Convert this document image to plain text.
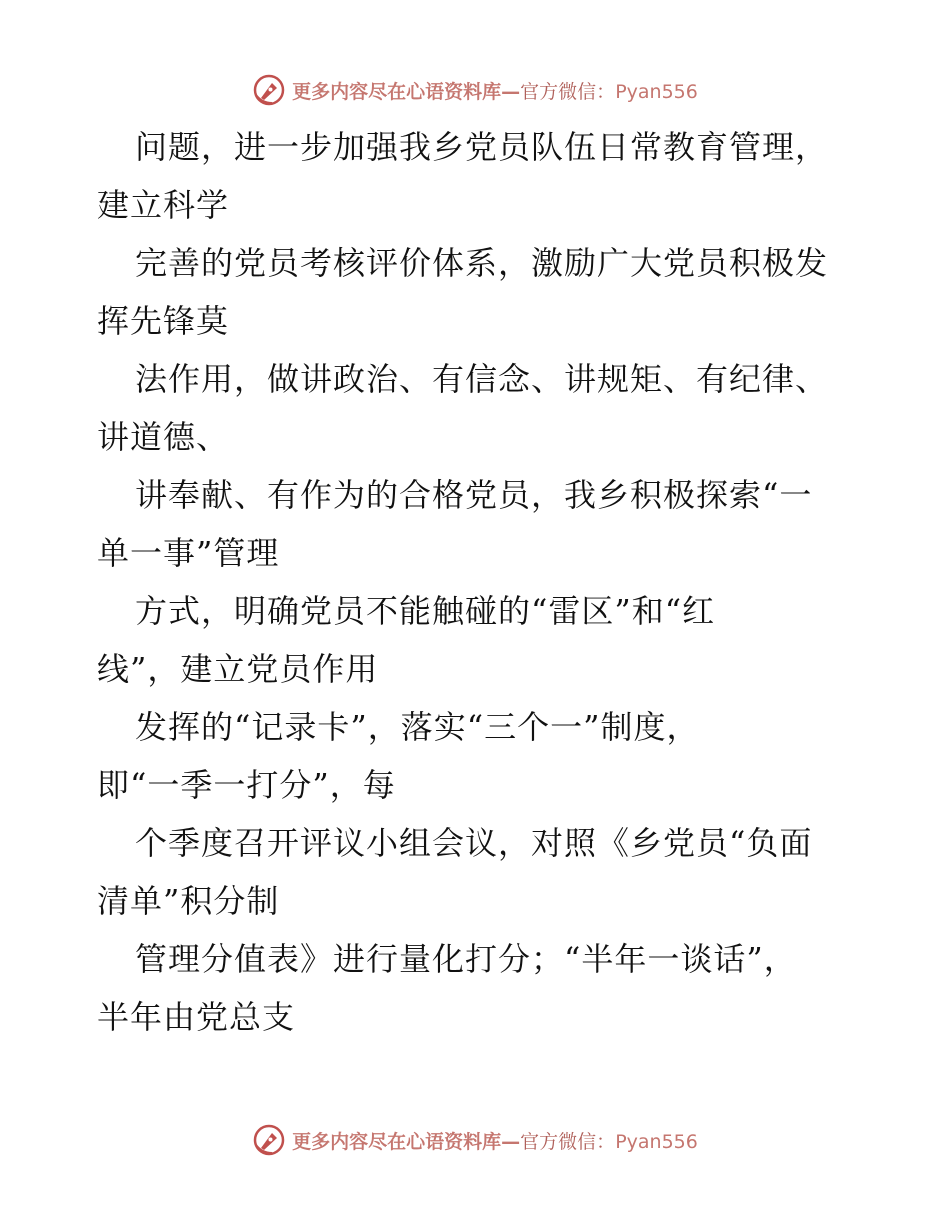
更多内容尽在心语资料库—官方微信：Pyan556
问题，进一步加强我乡党员队伍日常教育管理，
建立科学
完善的党员考核评价体系，激励广大党员积极发
挥先锋莫
法作用，做讲政治、有信念、讲规矩、有纪律、
讲道德、
讲奉献、有作为的合格党员，我乡积极探索“一
单一事”管理
方式，明确党员不能触碰的“雷区”和“红
线”，建立党员作用
发挥的“记录卡”，落实“三个一”制度，
即“一季一打分”，每
个季度召开评议小组会议，对照《乡党员“负面
清单”积分制
管理分值表》进行量化打分；“半年一谈话”，
半年由党总支
更多内容尽在心语资料库—官方微信：Pyan556
